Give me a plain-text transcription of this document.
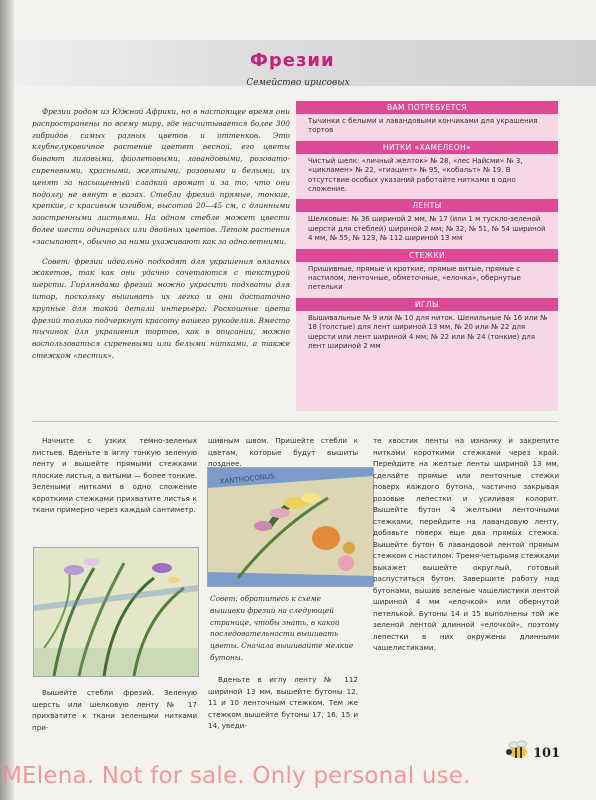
Фрезии
Семейство ирисовых

Фрезии родом из Южной Африки, но в настоящее время они распространены по всему миру, где насчитывается более 300 гибридов самых разных цветов и оттенков. Это клубнелуковичное растение цветет весной, его цветы бывают лиловыми, фиолетовыми, лавандовыми, розовато-сиреневыми, красными, желтыми, розовыми и белыми, их ценят за насыщенный сладкий аромат и за то, что они подолгу не вянут в вазах. Стебли фрезий прямые, тонкие, крепкие, с красивым изгибом, высотой 20—45 см, с длинными заостренными листьями. На одном стебле может цвести более шести одинарных или двойных цветов. Летом растения «засыпают», обычно за ними ухаживают как за однолетними.

Совет: фрезии идеально подходят для украшения вязаных жакетов, так как они удачно сочетаются с текстурой шерсти. Гирляндами фрезий можно украсить подхваты для штор, поскольку вышивать их легко и они достаточно крупные для такой детали интерьера. Роскошные цвета фрезий только подчеркнут красоту вашего рукоделия. Вместо тычинок для украшения тортов, как в описании, можно воспользоваться сиреневыми или белыми нитками, а также стежком «пестик».

ВАМ ПОТРЕБУЕТСЯ
Тычинки с белыми и лавандовыми кончиками для украшения тортов
НИТКИ «ХАМЕЛЕОН»
Чистый шелк: «личный желток» № 28, «лес Найсми» № 3, «цикламен» № 22, «гиацинт» № 95, «кобальт» № 19. В отсутствие особых указаний работайте нитками в одно сложение.
ЛЕНТЫ
Шелковые: № 36 шириной 2 мм, № 17 (или 1 м тускло-зеленой шерсти для стеблей) шириной 2 мм; № 32, № 51, № 54 шириной 4 мм, № 55, № 123, № 112 шириной 13 мм
СТЕЖКИ
Пришивные, прямые и кроткие, прямые витые, прямые с настилом, ленточные, обметочные, «елочка», обернутые петельки
ИГЛЫ
Вышивальные № 9 или № 10 для ниток. Шенильные № 16 или № 18 (толстые) для лент шириной 13 мм, № 20 или № 22 для шерсти или лент шириной 4 мм; № 22 или № 24 (тонкие) для лент шириной 2 мм

Начните с узких темно-зеленых листьев. Вденьте в иглу тонкую зеленую ленту и вышейте прямыми стежками плоские листья, а витыми — более тонкие. Зелеными нитками в одно сложение короткими стежками прихватите листья к ткани примерно через каждый сантиметр.

Вышейте стебли фрезий. Зеленую шерсть или шелковую ленту № 17 прихватите к ткани зелеными нитками при-

шивным швом. Пришейте стебли к цветам, которые будут вышиты позднее.

XANTHOCONUS
Совет: обратитесь к схеме вышивки фрезий на следующей странице, чтобы знать, в какой последовательности вышивать цветы. Сначала вышивайте мелкие бутоны.

Вденьте в иглу ленту № 112 шириной 13 мм, вышейте бутоны 12, 11 и 10 ленточным стежком. Тем же стежком вышейте бутоны 17, 16, 15 и 14, уведи-

те хвостик ленты на изнанку и закрепите нитками короткими стежками через край. Перейдите на желтые ленты шириной 13 мм, сделайте прямые или ленточные стежки поверх каждого бутона, частично закрывая розовые лепестки и усиливая колорит. Вышейте бутон 4 желтыми ленточными стежками, перейдите на лавандовую ленту, добавьте поверх еще два прямых стежка. Вышейте бутон 6 лавандовой лентой прямым стежком с настилом. Тремя-четырьмя стежками выкажет вышейте округлый, готовый распуститься бутон. Завершите работу над бутонами, вышив зеленые чашелистики лентой шириной 4 мм «елочкой» или обернутой петелькой. Бутоны 14 и 15 выполнены той же зеленой лентой длинной «елочкой», поэтому лепестки в них окружены длинными чашелистиками.

101
MElena. Not for sale. Only personal use.
